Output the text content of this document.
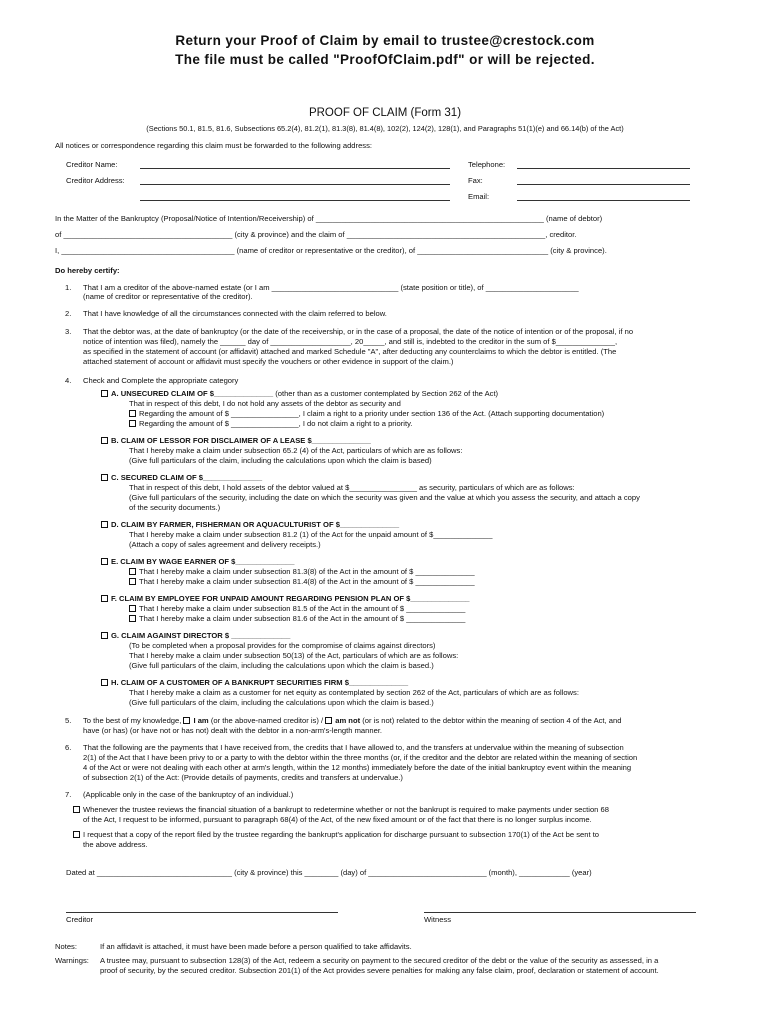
Return your Proof of Claim by email to trustee@crestock.com
The file must be called "ProofOfClaim.pdf" or will be rejected.
PROOF OF CLAIM (Form 31)
(Sections 50.1, 81.5, 81.6, Subsections 65.2(4), 81.2(1), 81.3(8), 81.4(8), 102(2), 124(2), 128(1), and Paragraphs 51(1)(e) and 66.14(b) of the Act)
All notices or correspondence regarding this claim must be forwarded to the following address:
Creditor Name:	Telephone:
Creditor Address:	Fax:
Email:
In the Matter of the Bankruptcy (Proposal/Notice of Intention/Receivership) of ______________________________________________________ (name of debtor)
of ________________________________________ (city & province) and the claim of _______________________________________________, creditor.
I, _________________________________________ (name of creditor or representative or the creditor), of _______________________________ (city & province).
Do hereby certify:
1. That I am a creditor of the above-named estate (or I am ______________________________ (state position or title), of ______________________
(name of creditor or representative of the creditor).
2. That I have knowledge of all the circumstances connected with the claim referred to below.
3. That the debtor was, at the date of bankruptcy (or the date of the receivership, or in the case of a proposal, the date of the notice of intention or of the proposal, if no
notice of intention was filed), namely the ______ day of ___________________, 20_____, and still is, indebted to the creditor in the sum of $______________,
as specified in the statement of account (or affidavit) attached and marked Schedule "A", after deducting any counterclaims to which the debtor is entitled. (The
attached statement of account or affidavit must specify the vouchers or other evidence in support of the claim.)
4. Check and Complete the appropriate category
A. UNSECURED CLAIM OF $______________ (other than as a customer contemplated by Section 262 of the Act)
That in respect of this debt, I do not hold any assets of the debtor as security and
Regarding the amount of $ ________________, I claim a right to a priority under section 136 of the Act. (Attach supporting documentation)
Regarding the amount of $ ________________, I do not claim a right to a priority.
B. CLAIM OF LESSOR FOR DISCLAIMER OF A LEASE $______________
That I hereby make a claim under subsection 65.2 (4) of the Act, particulars of which are as follows:
(Give full particulars of the claim, including the calculations upon which the claim is based)
C. SECURED CLAIM OF $______________
That in respect of this debt, I hold assets of the debtor valued at $________________ as security, particulars of which are as follows:
(Give full particulars of the security, including the date on which the security was given and the value at which you assess the security, and attach a copy
of the security documents.)
D. CLAIM BY FARMER, FISHERMAN OR AQUACULTURIST OF $______________
That I hereby make a claim under subsection 81.2 (1) of the Act for the unpaid amount of $______________
(Attach a copy of sales agreement and delivery receipts.)
E. CLAIM BY WAGE EARNER OF $______________
That I hereby make a claim under subsection 81.3(8) of the Act in the amount of $ ______________
That I hereby make a claim under subsection 81.4(8) of the Act in the amount of $ ______________
F. CLAIM BY EMPLOYEE FOR UNPAID AMOUNT REGARDING PENSION PLAN OF $______________
That I hereby make a claim under subsection 81.5 of the Act in the amount of $ ______________
That I hereby make a claim under subsection 81.6 of the Act in the amount of $ ______________
G. CLAIM AGAINST DIRECTOR $ ______________
(To be completed when a proposal provides for the compromise of claims against directors)
That I hereby make a claim under subsection 50(13) of the Act, particulars of which are as follows:
(Give full particulars of the claim, including the calculations upon which the claim is based.)
H. CLAIM OF A CUSTOMER OF A BANKRUPT SECURITIES FIRM $______________
That I hereby make a claim as a customer for net equity as contemplated by section 262 of the Act, particulars of which are as follows:
(Give full particulars of the claim, including the calculations upon which the claim is based.)
5. To the best of my knowledge, I am (or the above-named creditor is) / am not (or is not) related to the debtor within the meaning of section 4 of the Act, and
have (or has) (or have not or has not) dealt with the debtor in a non-arm's-length manner.
6. That the following are the payments that I have received from, the credits that I have allowed to, and the transfers at undervalue within the meaning of subsection
2(1) of the Act that I have been privy to or a party to with the debtor within the three months (or, if the creditor and the debtor are related within the meaning of section
4 of the Act or were not dealing with each other at arm's length, within the 12 months) immediately before the date of the initial bankruptcy event within the meaning
of subsection 2(1) of the Act: (Provide details of payments, credits and transfers at undervalue.)
7. (Applicable only in the case of the bankruptcy of an individual.)
Whenever the trustee reviews the financial situation of a bankrupt to redetermine whether or not the bankrupt is required to make payments under section 68
of the Act, I request to be informed, pursuant to paragraph 68(4) of the Act, of the new fixed amount or of the fact that there is no longer surplus income.
I request that a copy of the report filed by the trustee regarding the bankrupt's application for discharge pursuant to subsection 170(1) of the Act be sent to
the above address.
Dated at ________________________________ (city & province) this ________ (day) of ____________________________ (month), ____________ (year)
Creditor	Witness
Notes:	If an affidavit is attached, it must have been made before a person qualified to take affidavits.
Warnings: A trustee may, pursuant to subsection 128(3) of the Act, redeem a security on payment to the secured creditor of the debt or the value of the security as assessed, in a
proof of security, by the secured creditor. Subsection 201(1) of the Act provides severe penalties for making any false claim, proof, declaration or statement of account.
